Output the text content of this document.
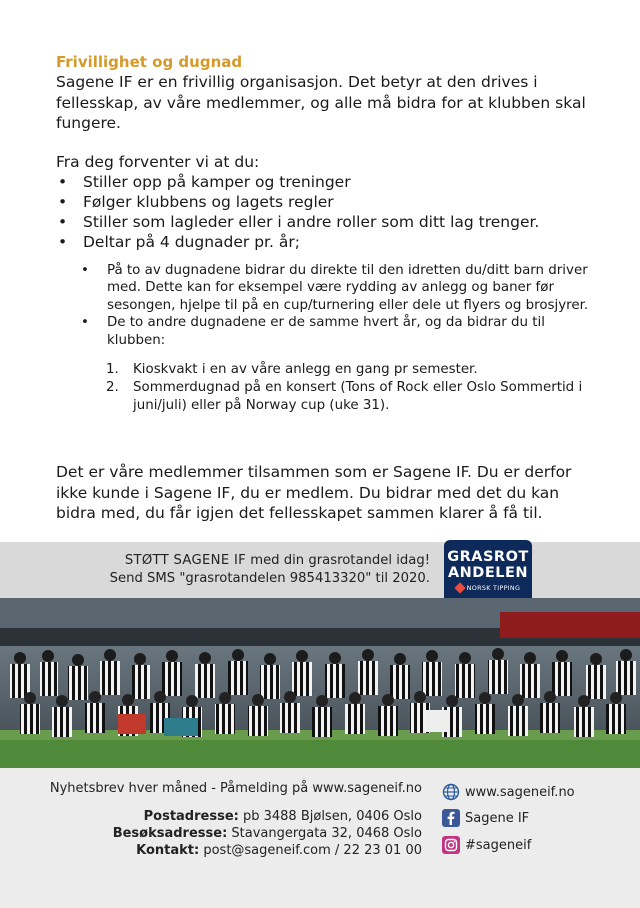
Frivillighet og dugnad

Sagene IF er en frivillig organisasjon. Det betyr at den drives i fellesskap, av våre medlemmer, og alle må bidra for at klubben skal fungere.

Fra deg forventer vi at du:
• Stiller opp på kamper og treninger
• Følger klubbens og lagets regler
• Stiller som lagleder eller i andre roller som ditt lag trenger.
• Deltar på 4 dugnader pr. år;
• På to av dugnadene bidrar du direkte til den idretten du/ditt barn driver med. Dette kan for eksempel være rydding av anlegg og baner før sesongen, hjelpe til på en cup/turnering eller dele ut flyers og brosjyrer.
• De to andre dugnadene er de samme hvert år, og da bidrar du til klubben:
1. Kioskvakt i en av våre anlegg en gang pr semester.
2. Sommerdugnad på en konsert (Tons of Rock eller Oslo Sommertid i juni/juli) eller på Norway cup (uke 31).

Det er våre medlemmer tilsammen som er Sagene IF. Du er derfor ikke kunde i Sagene IF, du er medlem. Du bidrar med det du kan bidra med, du får igjen det fellesskapet sammen klarer å få til.

STØTT SAGENE IF med din grasrotandel idag!
Send SMS "grasrotandelen 985413320" til 2020.
GRASROT
ANDELEN
NORSK TIPPING
Nyhetsbrev hver måned - Påmelding på www.sageneif.no
Postadresse: pb 3488 Bjølsen, 0406 Oslo
Besøksadresse: Stavangergata 32, 0468 Oslo
Kontakt: post@sageneif.com / 22 23 01 00
www.sageneif.no
Sagene IF
#sageneif
